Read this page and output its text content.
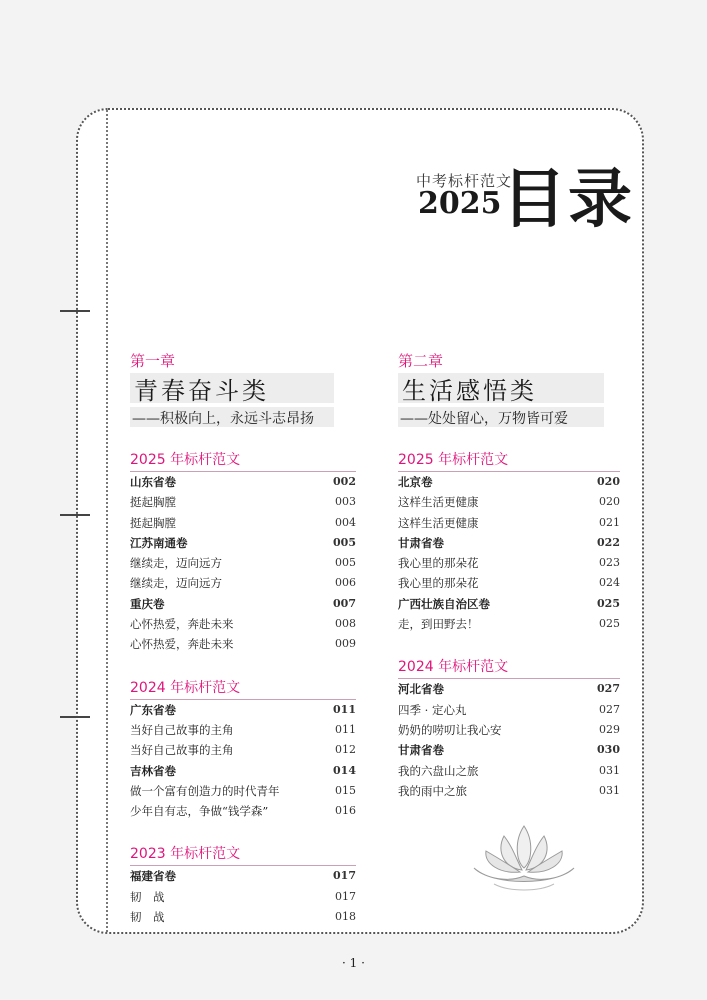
中考标杆范文
2025 目录
第一章
青春奋斗类
——积极向上，永远斗志昂扬
2025 年标杆范文
山东省卷	002
挺起胸膛	003
挺起胸膛	004
江苏南通卷	005
继续走，迈向远方	005
继续走，迈向远方	006
重庆卷	007
心怀热爱，奔赴未来	008
心怀热爱，奔赴未来	009
2024 年标杆范文
广东省卷	011
当好自己故事的主角	011
当好自己故事的主角	012
吉林省卷	014
做一个富有创造力的时代青年	015
少年自有志，争做“钱学森”	016
2023 年标杆范文
福建省卷	017
韧　战	017
韧　战	018
第二章
生活感悟类
——处处留心，万物皆可爱
2025 年标杆范文
北京卷	020
这样生活更健康	020
这样生活更健康	021
甘肃省卷	022
我心里的那朵花	023
我心里的那朵花	024
广西壮族自治区卷	025
走，到田野去！	025
2024 年标杆范文
河北省卷	027
四季 · 定心丸	027
奶奶的唠叨让我心安	029
甘肃省卷	030
我的六盘山之旅	031
我的雨中之旅	031
· 1 ·
